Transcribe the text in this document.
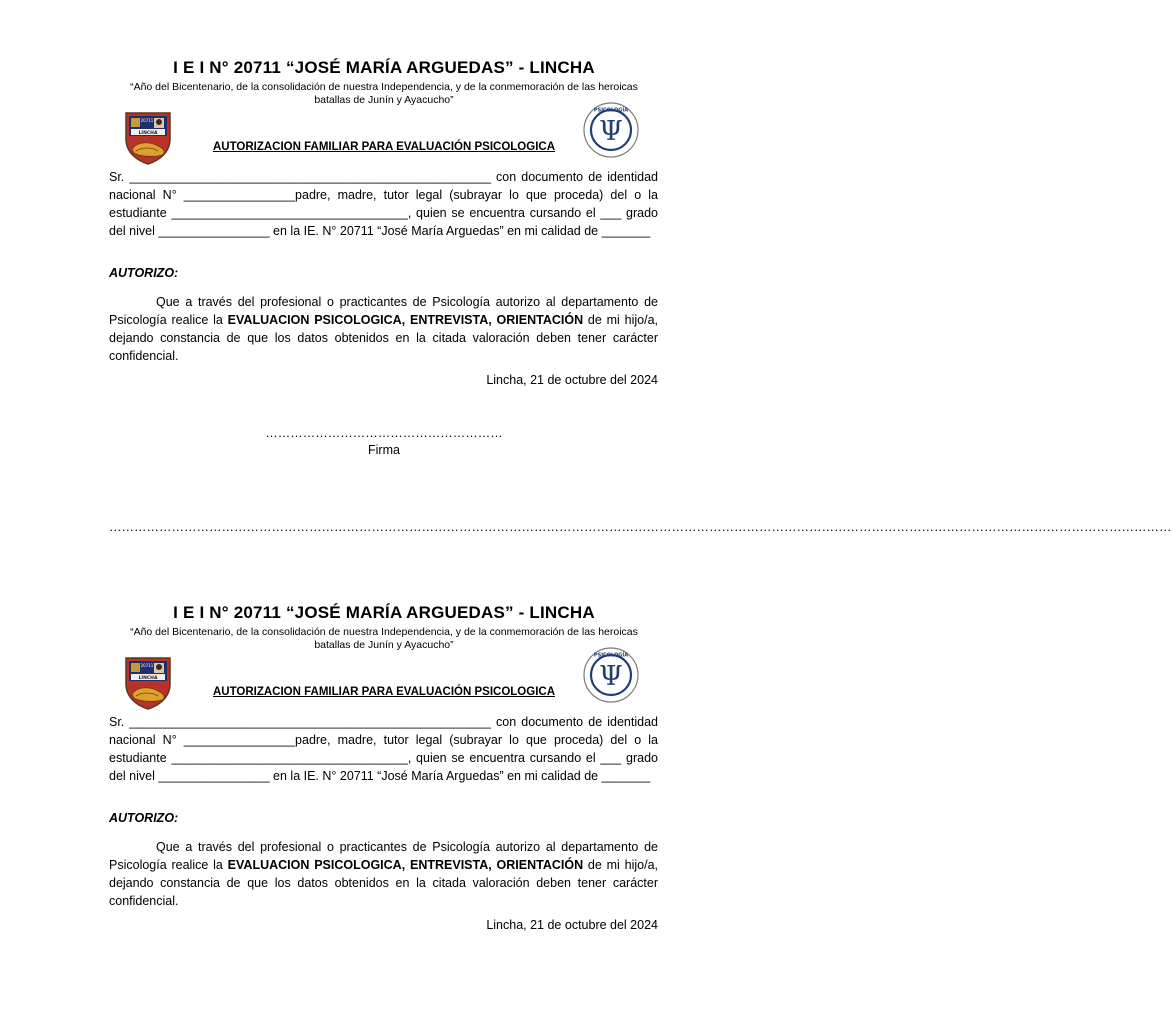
I E I N° 20711 “JOSÉ MARÍA ARGUEDAS” - LINCHA
“Año del Bicentenario, de la consolidación de nuestra Independencia, y de la conmemoración de las heroicas batallas de Junín y Ayacucho”
20711
LINCHA
PSICOLOGÍA
Ψ
AUTORIZACION FAMILIAR PARA EVALUACIÓN PSICOLOGICA

Sr. ____________________________________________________ con documento de identidad nacional N° ________________padre, madre, tutor legal (subrayar lo que proceda) del o la estudiante __________________________________, quien se encuentra cursando el ___ grado del nivel ________________ en la IE. N° 20711 “José María Arguedas” en mi calidad de _______

AUTORIZO:

Que a través del profesional o practicantes de Psicología autorizo al departamento de Psicología realice la EVALUACION PSICOLOGICA, ENTREVISTA, ORIENTACIÓN de mi hijo/a, dejando constancia de que los datos obtenidos en la citada valoración deben tener carácter confidencial.

Lincha, 21 de octubre del 2024
…………………………………………………
Firma
…………………………………………………………………………………………………………………………………………………………………………………………………………………………………
I E I N° 20711 “JOSÉ MARÍA ARGUEDAS” - LINCHA
“Año del Bicentenario, de la consolidación de nuestra Independencia, y de la conmemoración de las heroicas batallas de Junín y Ayacucho”
20711
LINCHA
PSICOLOGÍA
Ψ
AUTORIZACION FAMILIAR PARA EVALUACIÓN PSICOLOGICA

Sr. ____________________________________________________ con documento de identidad nacional N° ________________padre, madre, tutor legal (subrayar lo que proceda) del o la estudiante __________________________________, quien se encuentra cursando el ___ grado del nivel ________________ en la IE. N° 20711 “José María Arguedas” en mi calidad de _______

AUTORIZO:

Que a través del profesional o practicantes de Psicología autorizo al departamento de Psicología realice la EVALUACION PSICOLOGICA, ENTREVISTA, ORIENTACIÓN de mi hijo/a, dejando constancia de que los datos obtenidos en la citada valoración deben tener carácter confidencial.

Lincha, 21 de octubre del 2024
